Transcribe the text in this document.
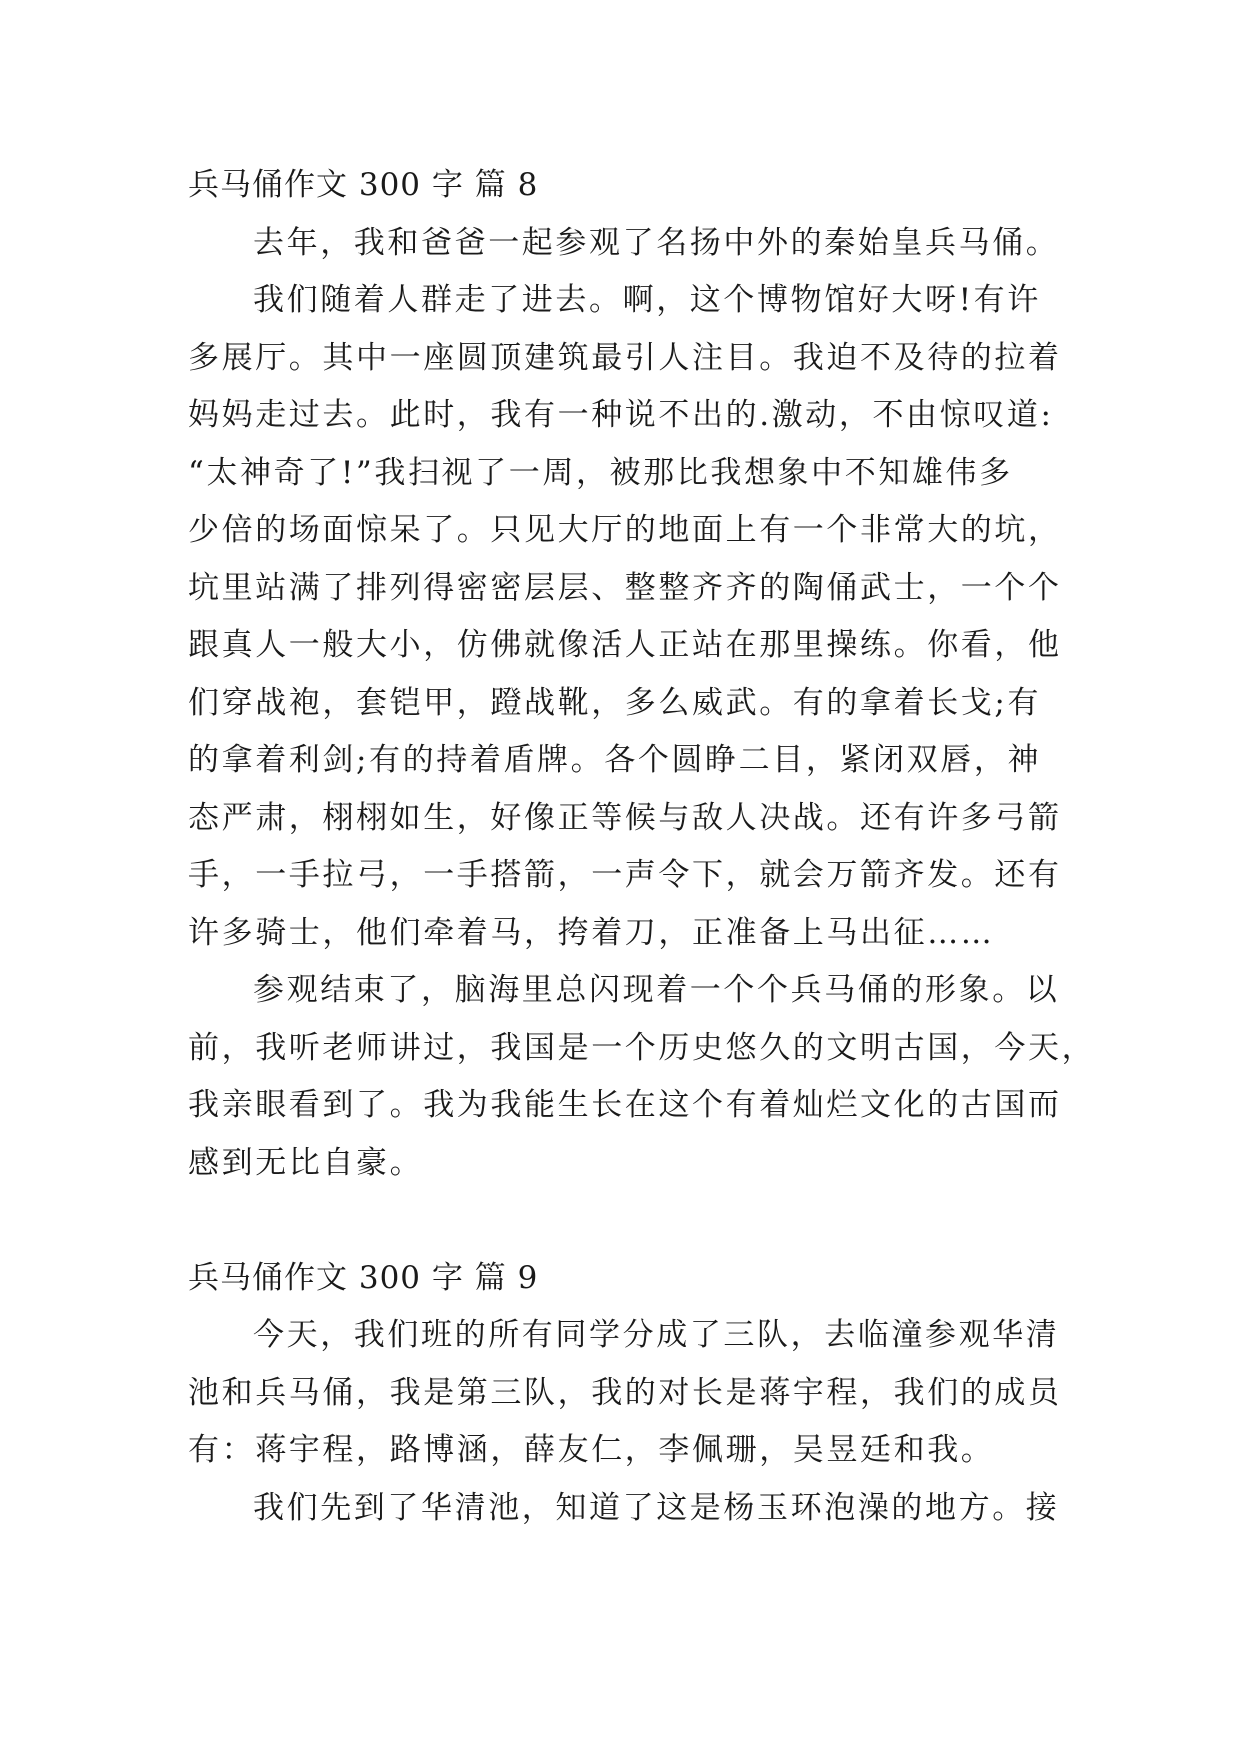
兵马俑作文 300 字 篇 8
去年，我和爸爸一起参观了名扬中外的秦始皇兵马俑。
我们随着人群走了进去。啊，这个博物馆好大呀!有许
多展厅。其中一座圆顶建筑最引人注目。我迫不及待的拉着
妈妈走过去。此时，我有一种说不出的.激动，不由惊叹道:
“太神奇了!”我扫视了一周，被那比我想象中不知雄伟多
少倍的场面惊呆了。只见大厅的地面上有一个非常大的坑，
坑里站满了排列得密密层层、整整齐齐的陶俑武士，一个个
跟真人一般大小，仿佛就像活人正站在那里操练。你看，他
们穿战袍，套铠甲，蹬战靴，多么威武。有的拿着长戈;有
的拿着利剑;有的持着盾牌。各个圆睁二目，紧闭双唇，神
态严肃，栩栩如生，好像正等候与敌人决战。还有许多弓箭
手，一手拉弓，一手搭箭，一声令下，就会万箭齐发。还有
许多骑士，他们牵着马，挎着刀，正准备上马出征……
参观结束了，脑海里总闪现着一个个兵马俑的形象。以
前，我听老师讲过，我国是一个历史悠久的文明古国，今天，
我亲眼看到了。我为我能生长在这个有着灿烂文化的古国而
感到无比自豪。
兵马俑作文 300 字 篇 9
今天，我们班的所有同学分成了三队，去临潼参观华清
池和兵马俑，我是第三队，我的对长是蒋宇程，我们的成员
有：蒋宇程，路博涵，薛友仁，李佩珊，吴昱廷和我。
我们先到了华清池，知道了这是杨玉环泡澡的地方。接
